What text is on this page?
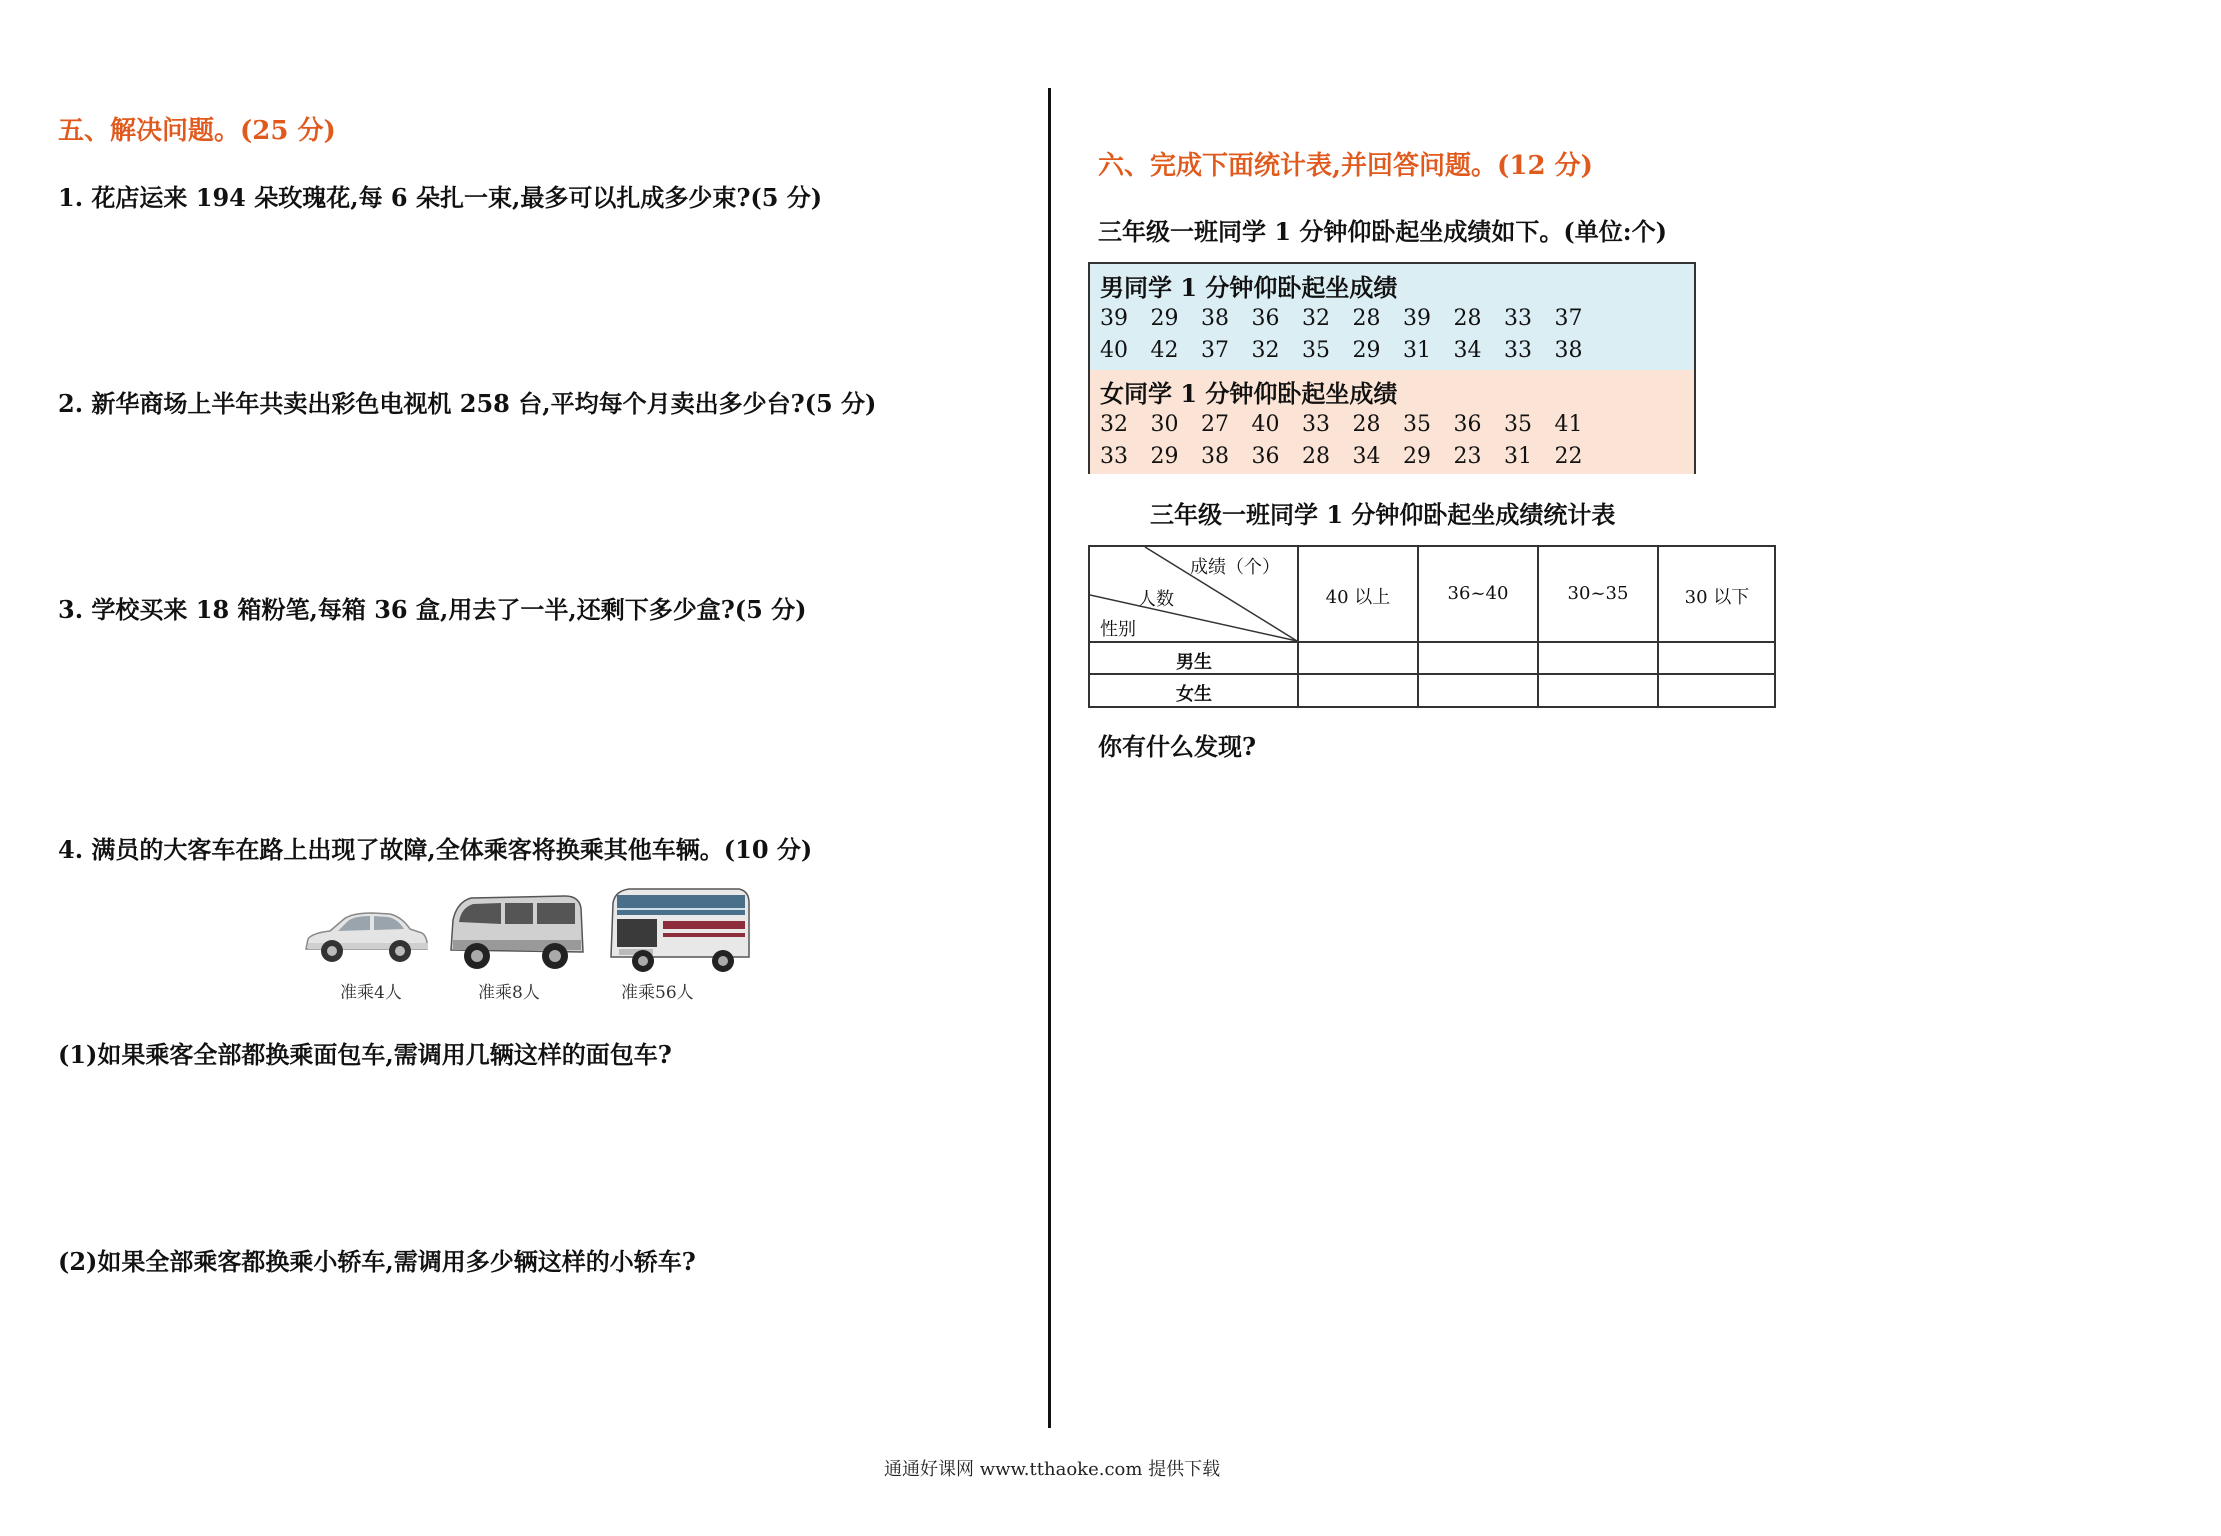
五、解决问题。(25 分)
1. 花店运来 194 朵玫瑰花,每 6 朵扎一束,最多可以扎成多少束?(5 分)
2. 新华商场上半年共卖出彩色电视机 258 台,平均每个月卖出多少台?(5 分)
3. 学校买来 18 箱粉笔,每箱 36 盒,用去了一半,还剩下多少盒?(5 分)
4. 满员的大客车在路上出现了故障,全体乘客将换乘其他车辆。(10 分)
准乘4人	准乘8人	准乘56人
(1)如果乘客全部都换乘面包车,需调用几辆这样的面包车?
(2)如果全部乘客都换乘小轿车,需调用多少辆这样的小轿车?
六、完成下面统计表,并回答问题。(12 分)
三年级一班同学 1 分钟仰卧起坐成绩如下。(单位:个)
男同学 1 分钟仰卧起坐成绩
39	29	38	36	32	28	39	28	33	37
40	42	37	32	35	29	31	34	33	38
女同学 1 分钟仰卧起坐成绩
32	30	27	40	33	28	35	36	35	41
33	29	38	36	28	34	29	23	31	22
三年级一班同学 1 分钟仰卧起坐成绩统计表
成绩（个）
人数
性别
40 以上	36~40	30~35	30 以下
男生
女生
你有什么发现?
通通好课网 www.tthaoke.com 提供下载
